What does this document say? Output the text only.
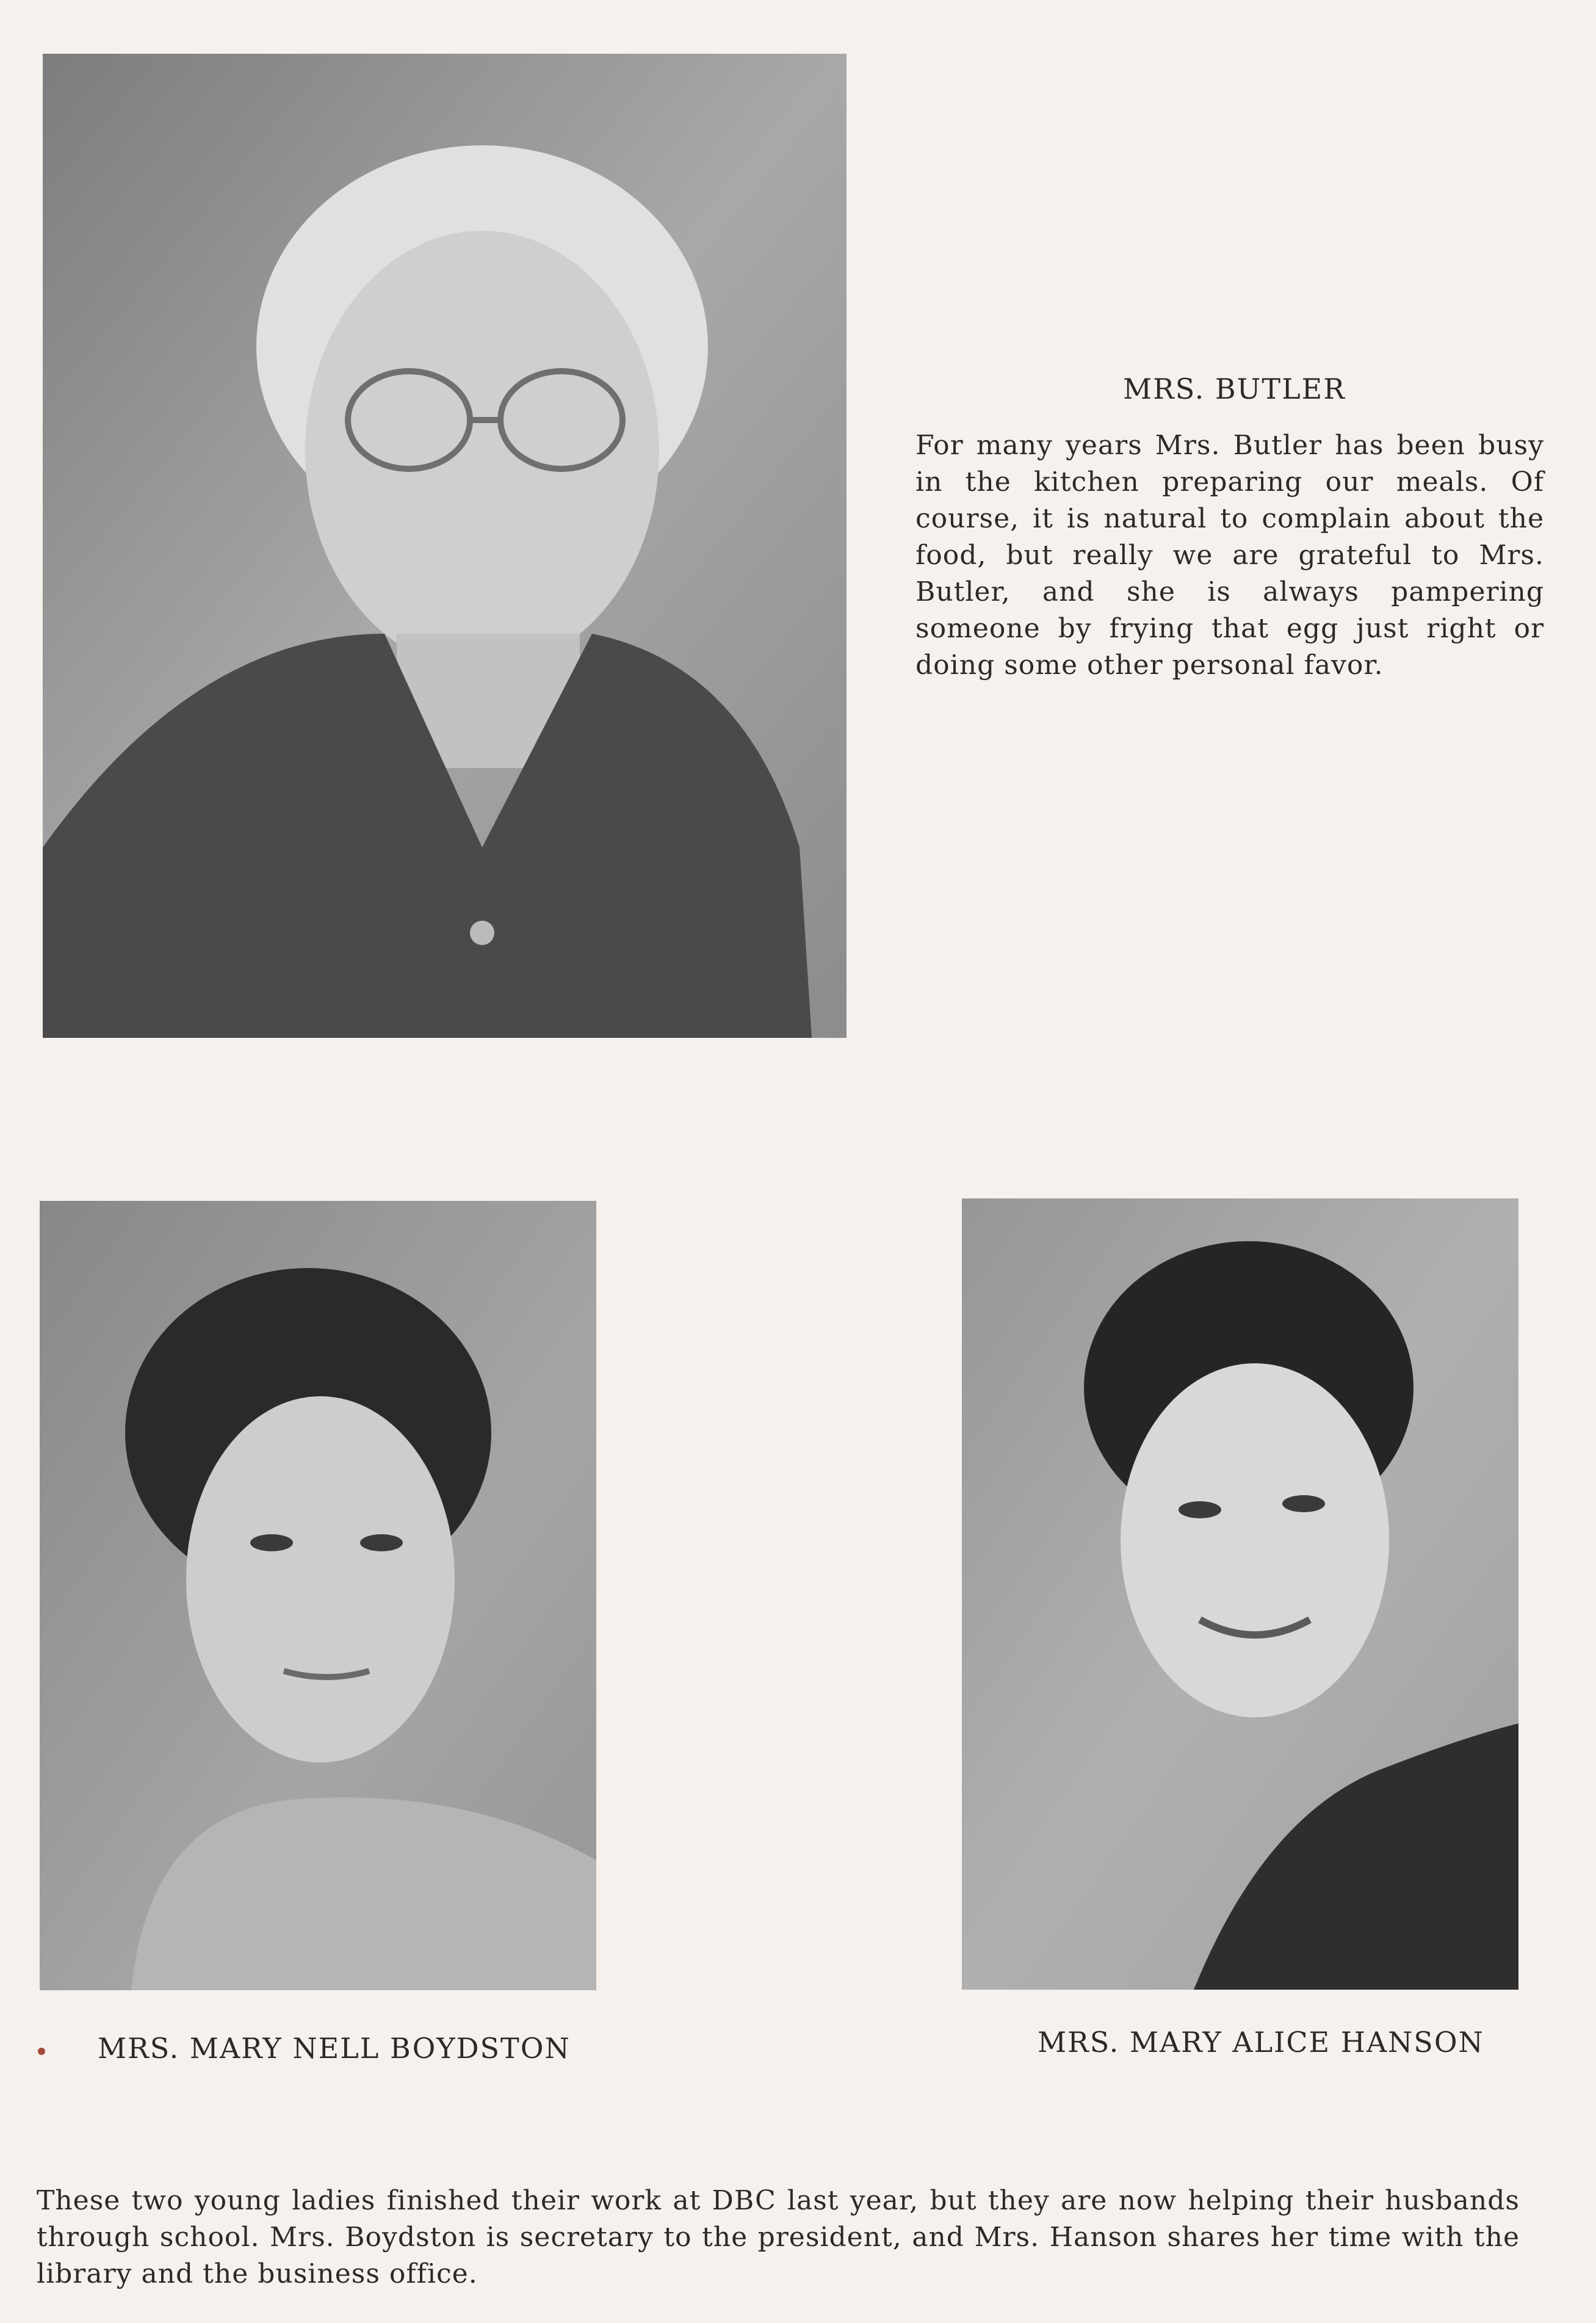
MRS. BUTLER
For many years Mrs. Butler has been busy in the kitchen preparing our meals. Of course, it is natural to complain about the food, but really we are grateful to Mrs. Butler, and she is always pampering someone by frying that egg just right or doing some other personal favor.
MRS. MARY NELL BOYDSTON	MRS. MARY ALICE HANSON
These two young ladies finished their work at DBC last year, but they are now helping their husbands through school. Mrs. Boydston is secretary to the president, and Mrs. Hanson shares her time with the library and the business office.
